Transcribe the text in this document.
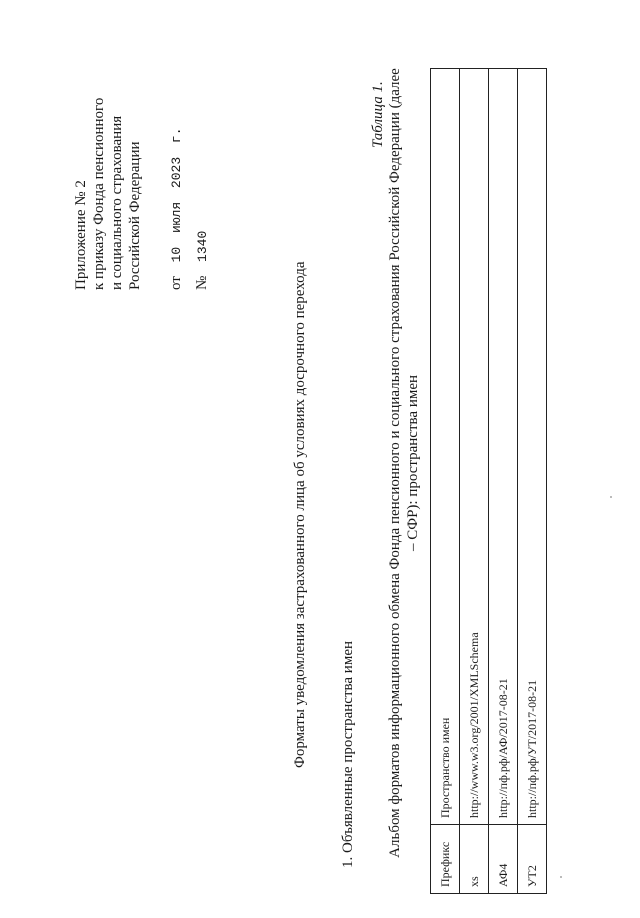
Приложение № 2 к приказу Фонда пенсионного и социального страхования Российской Федерации от 10 июля 2023 г.
№ 1340
Форматы уведомления застрахованного лица об условиях досрочного перехода 1. Объявленные пространства имен
Таблица 1. Альбом форматов информационного обмена Фонда пенсионного и социального страхования Российской Федерации (далее – СФР): пространства имен
Префикс	Пространство имен
xs	http://www.w3.org/2001/XMLSchema
АФ4	http://пф.рф/АФ/2017-08-21
УТ2	http://пф.рф/УТ/2017-08-21
